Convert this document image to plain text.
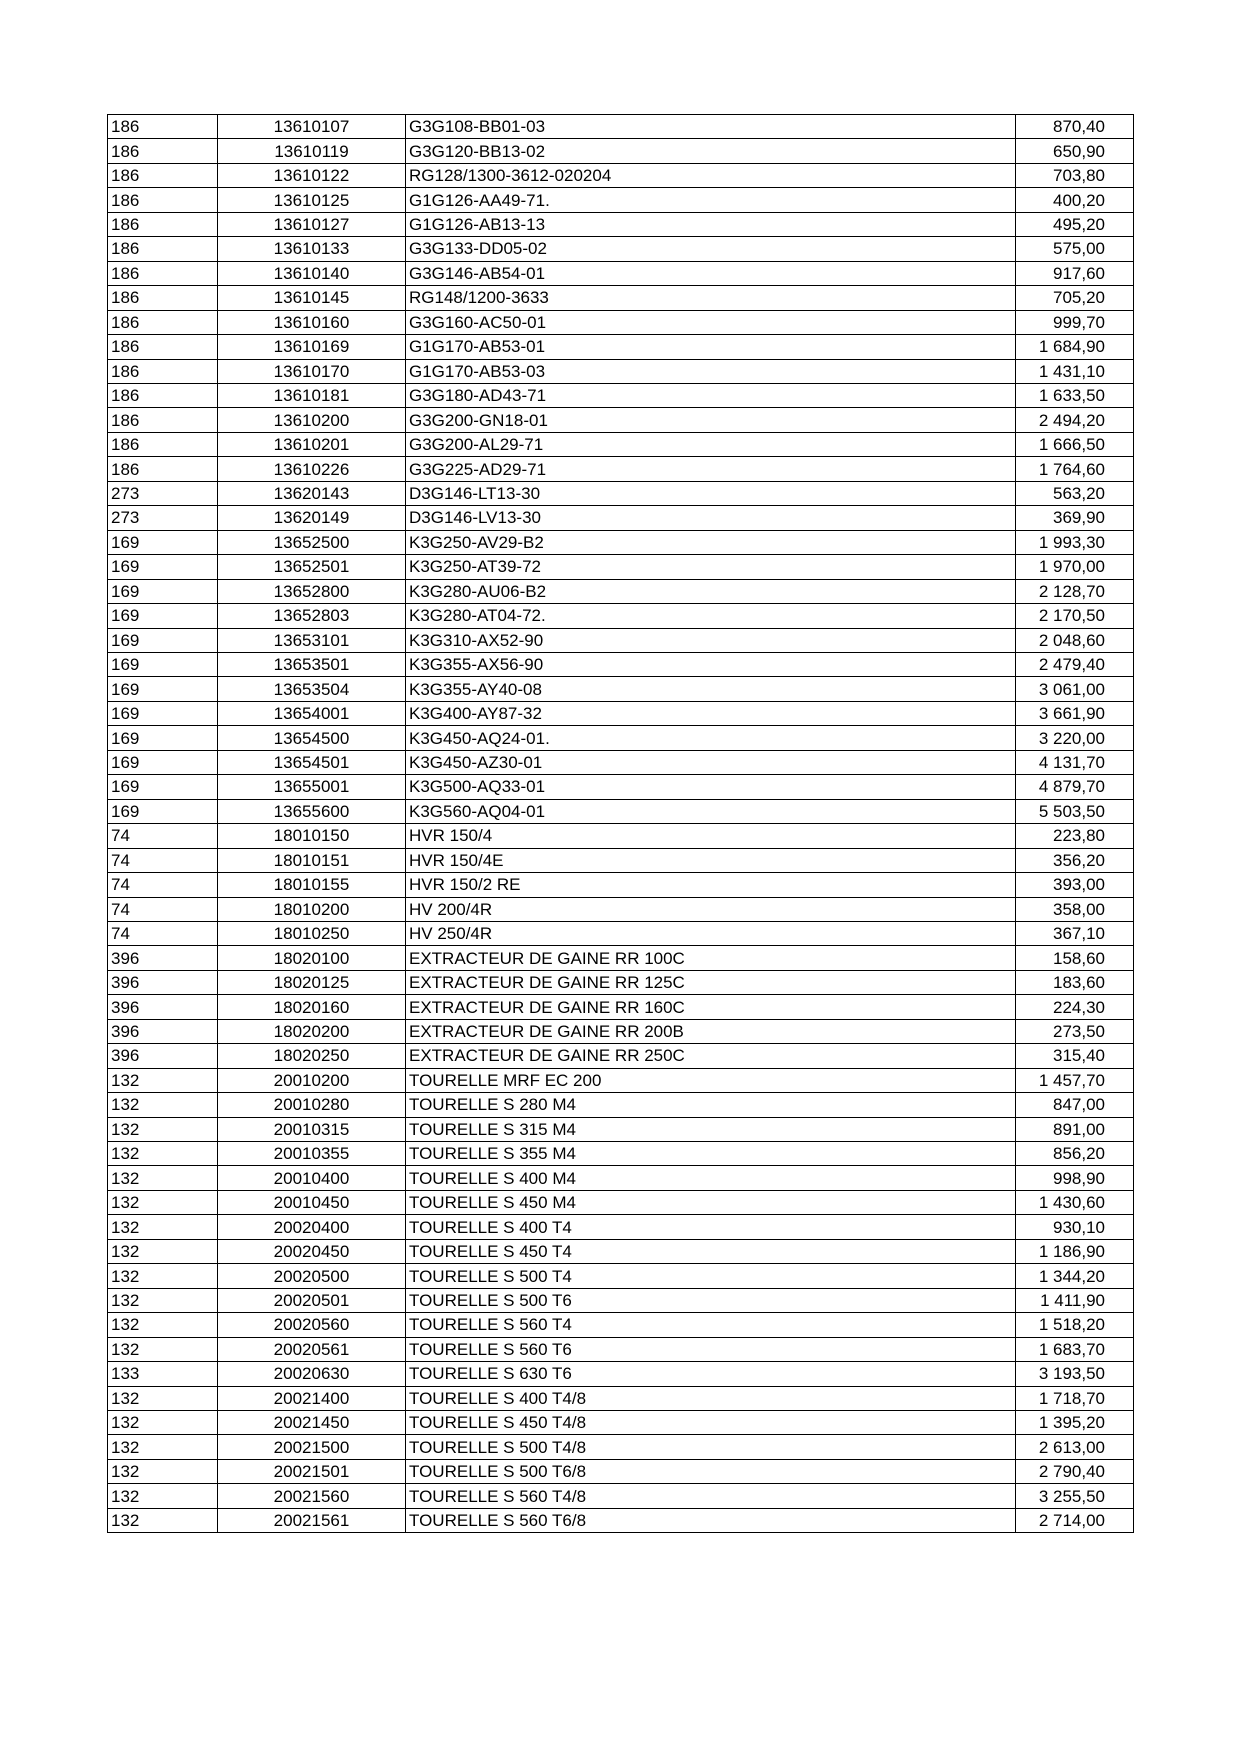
186	13610107	G3G108-BB01-03	870,40
186	13610119	G3G120-BB13-02	650,90
186	13610122	RG128/1300-3612-020204	703,80
186	13610125	G1G126-AA49-71.	400,20
186	13610127	G1G126-AB13-13	495,20
186	13610133	G3G133-DD05-02	575,00
186	13610140	G3G146-AB54-01	917,60
186	13610145	RG148/1200-3633	705,20
186	13610160	G3G160-AC50-01	999,70
186	13610169	G1G170-AB53-01	1 684,90
186	13610170	G1G170-AB53-03	1 431,10
186	13610181	G3G180-AD43-71	1 633,50
186	13610200	G3G200-GN18-01	2 494,20
186	13610201	G3G200-AL29-71	1 666,50
186	13610226	G3G225-AD29-71	1 764,60
273	13620143	D3G146-LT13-30	563,20
273	13620149	D3G146-LV13-30	369,90
169	13652500	K3G250-AV29-B2	1 993,30
169	13652501	K3G250-AT39-72	1 970,00
169	13652800	K3G280-AU06-B2	2 128,70
169	13652803	K3G280-AT04-72.	2 170,50
169	13653101	K3G310-AX52-90	2 048,60
169	13653501	K3G355-AX56-90	2 479,40
169	13653504	K3G355-AY40-08	3 061,00
169	13654001	K3G400-AY87-32	3 661,90
169	13654500	K3G450-AQ24-01.	3 220,00
169	13654501	K3G450-AZ30-01	4 131,70
169	13655001	K3G500-AQ33-01	4 879,70
169	13655600	K3G560-AQ04-01	5 503,50
74	18010150	HVR 150/4	223,80
74	18010151	HVR 150/4E	356,20
74	18010155	HVR 150/2 RE	393,00
74	18010200	HV 200/4R	358,00
74	18010250	HV 250/4R	367,10
396	18020100	EXTRACTEUR DE GAINE RR 100C	158,60
396	18020125	EXTRACTEUR DE GAINE RR 125C	183,60
396	18020160	EXTRACTEUR DE GAINE RR 160C	224,30
396	18020200	EXTRACTEUR DE GAINE RR 200B	273,50
396	18020250	EXTRACTEUR DE GAINE RR 250C	315,40
132	20010200	TOURELLE MRF EC 200	1 457,70
132	20010280	TOURELLE S 280 M4	847,00
132	20010315	TOURELLE S 315 M4	891,00
132	20010355	TOURELLE S 355 M4	856,20
132	20010400	TOURELLE S 400 M4	998,90
132	20010450	TOURELLE S 450 M4	1 430,60
132	20020400	TOURELLE S 400 T4	930,10
132	20020450	TOURELLE S 450 T4	1 186,90
132	20020500	TOURELLE S 500 T4	1 344,20
132	20020501	TOURELLE S 500 T6	1 411,90
132	20020560	TOURELLE S 560 T4	1 518,20
132	20020561	TOURELLE S 560 T6	1 683,70
133	20020630	TOURELLE S 630 T6	3 193,50
132	20021400	TOURELLE S 400 T4/8	1 718,70
132	20021450	TOURELLE S 450 T4/8	1 395,20
132	20021500	TOURELLE S 500 T4/8	2 613,00
132	20021501	TOURELLE S 500 T6/8	2 790,40
132	20021560	TOURELLE S 560 T4/8	3 255,50
132	20021561	TOURELLE S 560 T6/8	2 714,00
